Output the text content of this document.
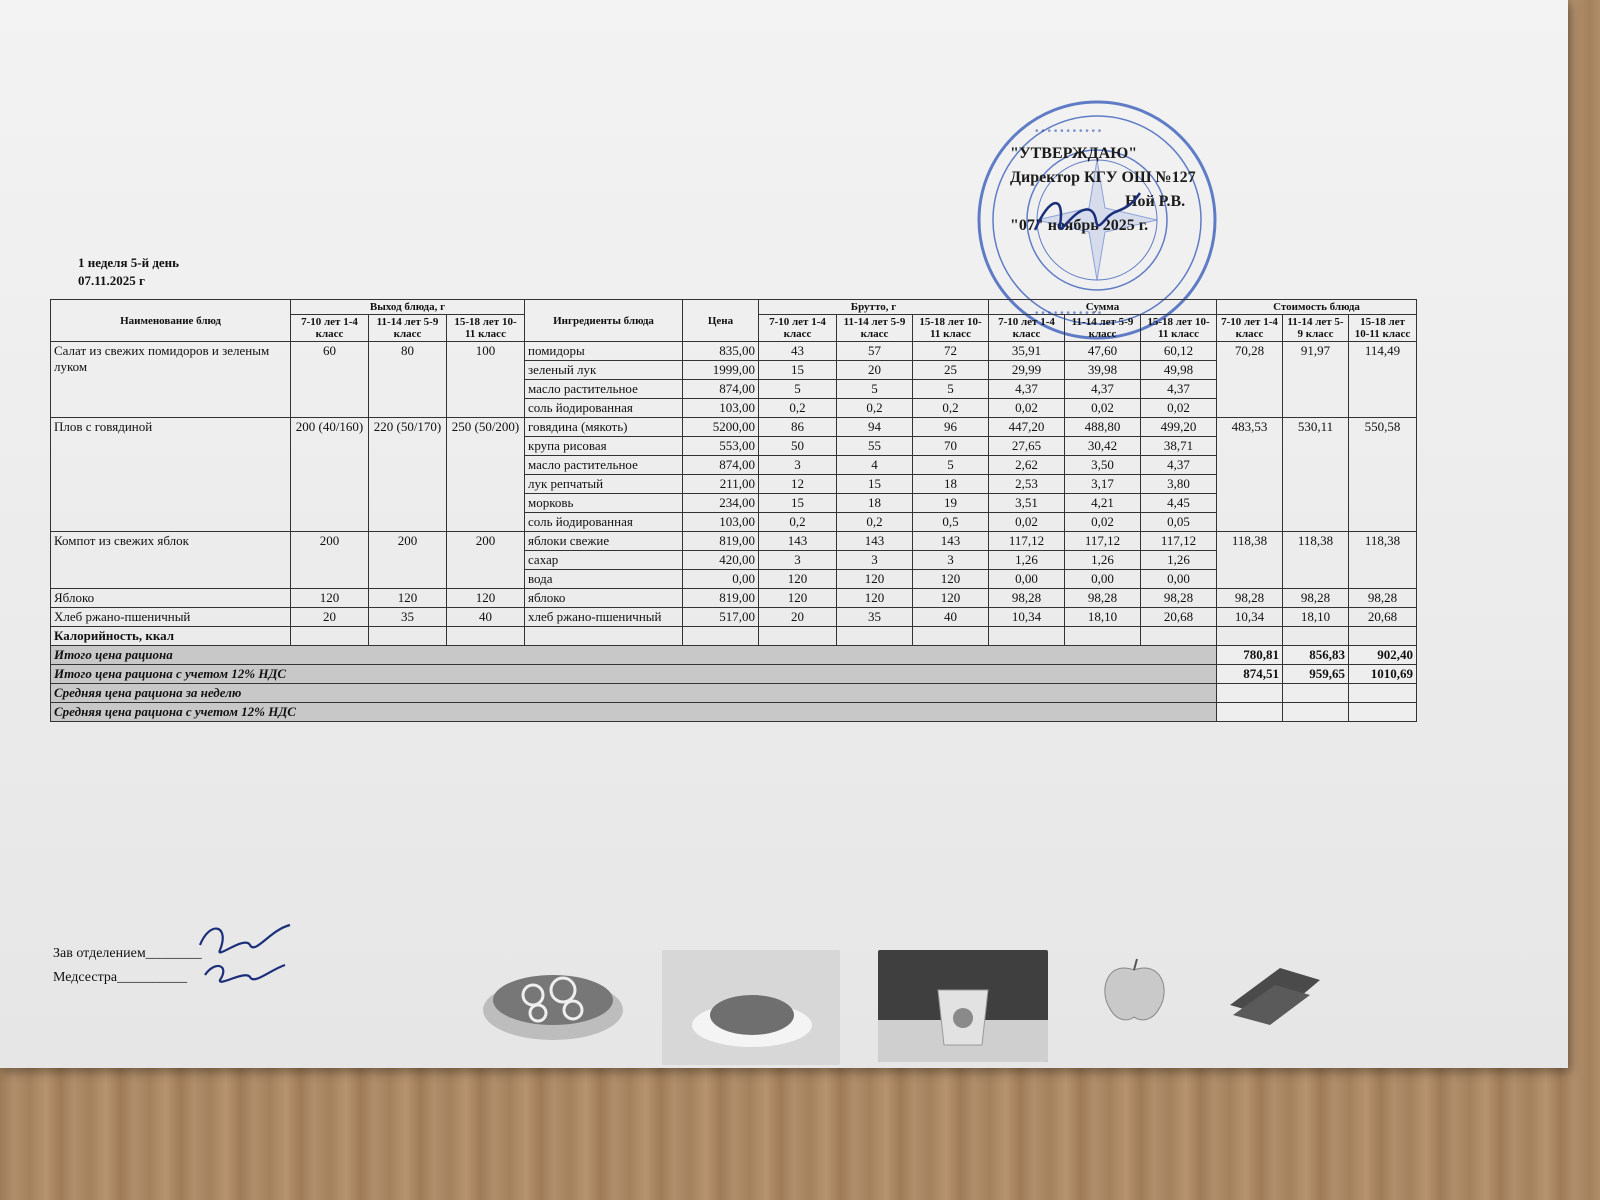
• • • • • • • • • • •
• • • • • • • • • • •
"УТВЕРЖДАЮ"
Директор КГУ ОШ №127
Ной Р.В.
"07" ноябрь 2025 г.
1 неделя 5-й день
07.11.2025 г
Наименование блюд	Выход блюда, г			Ингредиенты блюда	Цена	Брутто, г			Сумма			Стоимость блюда		
	7-10 лет 1-4 класс	11-14 лет 5-9 класс	15-18 лет 10-11 класс			7-10 лет 1-4 класс	11-14 лет 5-9 класс	15-18 лет 10-11 класс	7-10 лет 1-4 класс	11-14 лет 5-9 класс	15-18 лет 10-11 класс	7-10 лет 1-4 класс	11-14 лет 5-9 класс	15-18 лет 10-11 класс
Салат из свежих помидоров и зеленым луком	60	80	100	помидоры	835,00	43	57	72	35,91	47,60	60,12	70,28	91,97	114,49
				зеленый лук	1999,00	15	20	25	29,99	39,98	49,98			
				масло растительное	874,00	5	5	5	4,37	4,37	4,37			
				соль йодированная	103,00	0,2	0,2	0,2	0,02	0,02	0,02			
Плов с говядиной	200 (40/160)	220 (50/170)	250 (50/200)	говядина (мякоть)	5200,00	86	94	96	447,20	488,80	499,20	483,53	530,11	550,58
				крупа рисовая	553,00	50	55	70	27,65	30,42	38,71			
				масло растительное	874,00	3	4	5	2,62	3,50	4,37			
				лук репчатый	211,00	12	15	18	2,53	3,17	3,80			
				морковь	234,00	15	18	19	3,51	4,21	4,45			
				соль йодированная	103,00	0,2	0,2	0,5	0,02	0,02	0,05			
Компот из свежих яблок	200	200	200	яблоки свежие	819,00	143	143	143	117,12	117,12	117,12	118,38	118,38	118,38
				сахар	420,00	3	3	3	1,26	1,26	1,26			
				вода	0,00	120	120	120	0,00	0,00	0,00			
Яблоко	120	120	120	яблоко	819,00	120	120	120	98,28	98,28	98,28	98,28	98,28	98,28
Хлеб ржано-пшеничный	20	35	40	хлеб ржано-пшеничный	517,00	20	35	40	10,34	18,10	20,68	10,34	18,10	20,68
Калорийность, ккал														
Итого цена рациона												780,81	856,83	902,40
Итого цена рациона с учетом 12% НДС												874,51	959,65	1010,69
Средняя цена рациона за неделю														
Средняя цена рациона с учетом 12% НДС														
Зав отделением________
Медсестра__________
